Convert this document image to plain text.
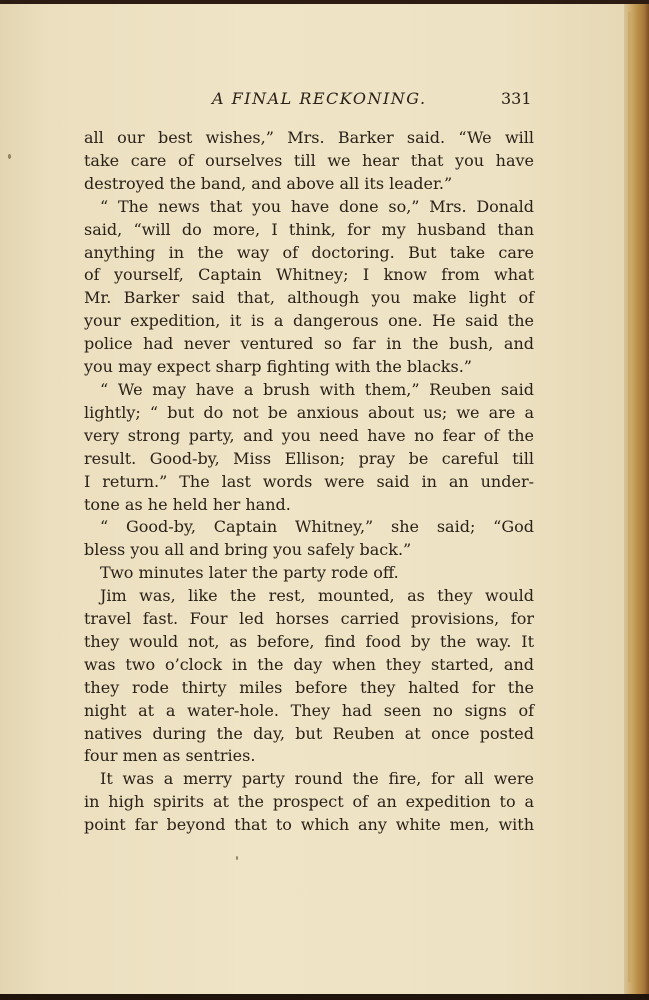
A FINAL RECKONING.	331
all our best wishes,” Mrs. Barker said. “We will
take care of ourselves till we hear that you have
destroyed the band, and above all its leader.”
“ The news that you have done so,” Mrs. Donald
said, “will do more, I think, for my husband than
anything in the way of doctoring. But take care
of yourself, Captain Whitney; I know from what
Mr. Barker said that, although you make light of
your expedition, it is a dangerous one. He said the
police had never ventured so far in the bush, and
you may expect sharp fighting with the blacks.”
“ We may have a brush with them,” Reuben said
lightly; “ but do not be anxious about us; we are a
very strong party, and you need have no fear of the
result. Good-by, Miss Ellison; pray be careful till
I return.” The last words were said in an under-
tone as he held her hand.
“ Good-by, Captain Whitney,” she said; “God
bless you all and bring you safely back.”
Two minutes later the party rode off.
Jim was, like the rest, mounted, as they would
travel fast. Four led horses carried provisions, for
they would not, as before, find food by the way. It
was two o’clock in the day when they started, and
they rode thirty miles before they halted for the
night at a water-hole. They had seen no signs of
natives during the day, but Reuben at once posted
four men as sentries.
It was a merry party round the fire, for all were
in high spirits at the prospect of an expedition to a
point far beyond that to which any white men, with
